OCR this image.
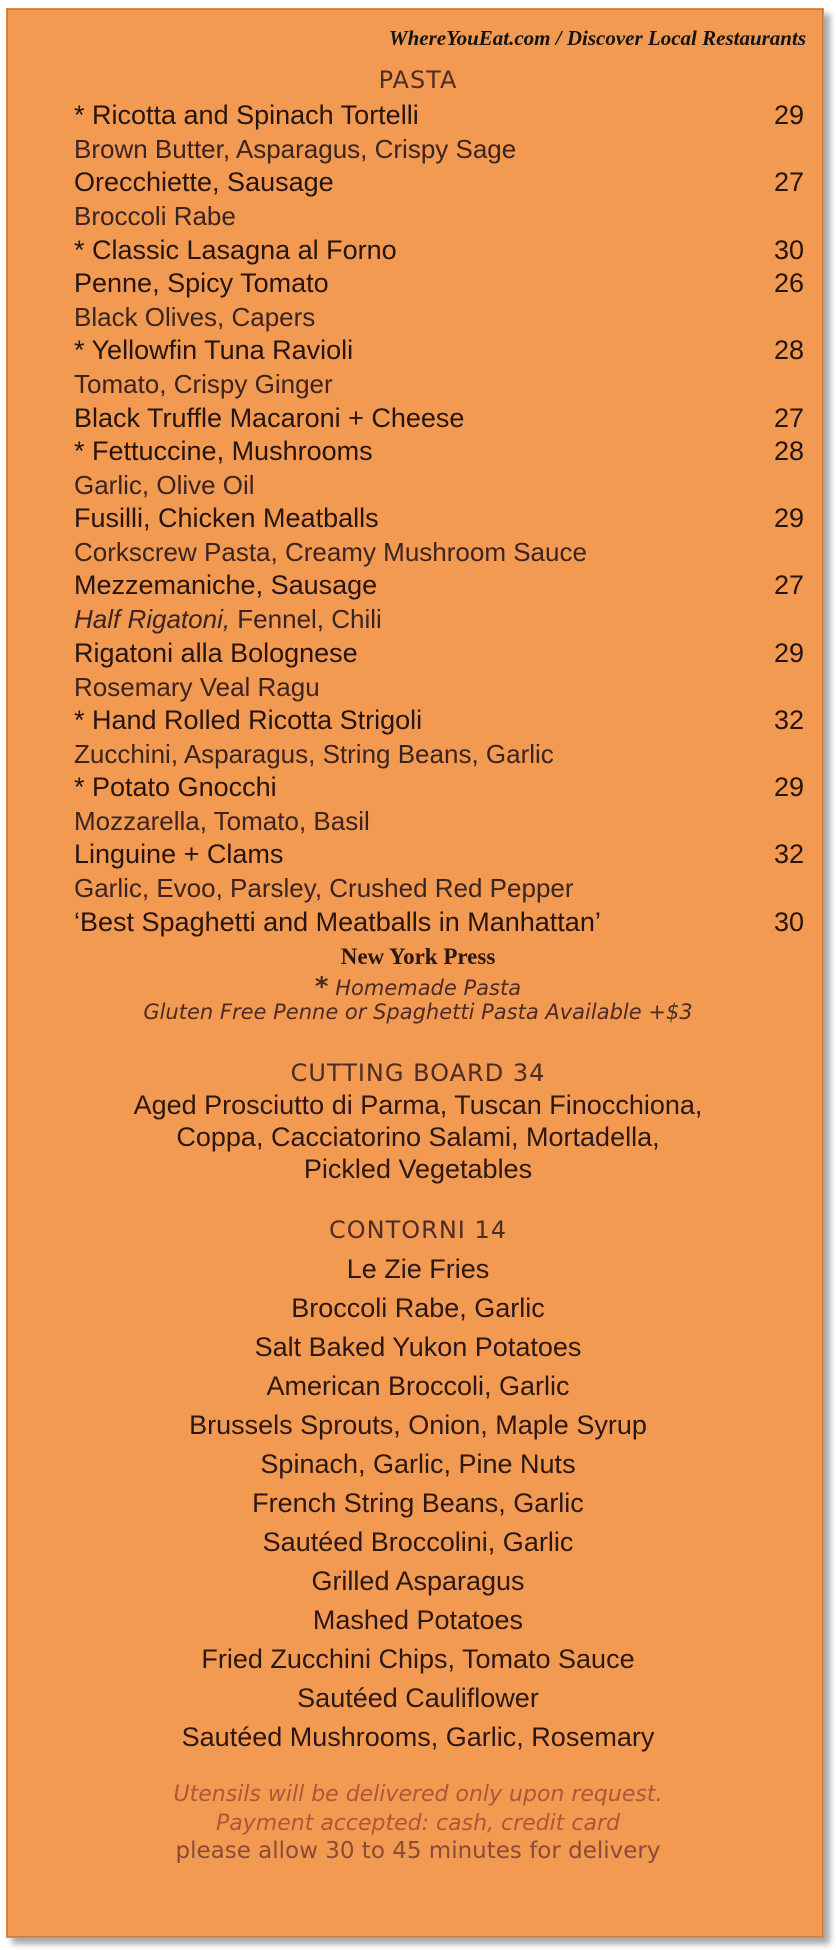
WhereYouEat.com / Discover Local Restaurants
PASTA
* Ricotta and Spinach Tortelli	29
Brown Butter, Asparagus, Crispy Sage
Orecchiette, Sausage	27
Broccoli Rabe
* Classic Lasagna al Forno	30
Penne, Spicy Tomato	26
Black Olives, Capers
* Yellowfin Tuna Ravioli	28
Tomato, Crispy Ginger
Black Truffle Macaroni + Cheese	27
* Fettuccine, Mushrooms	28
Garlic, Olive Oil
Fusilli, Chicken Meatballs	29
Corkscrew Pasta, Creamy Mushroom Sauce
Mezzemaniche, Sausage	27
Half Rigatoni, Fennel, Chili
Rigatoni alla Bolognese	29
Rosemary Veal Ragu
* Hand Rolled Ricotta Strigoli	32
Zucchini, Asparagus, String Beans, Garlic
* Potato Gnocchi	29
Mozzarella, Tomato, Basil
Linguine + Clams	32
Garlic, Evoo, Parsley, Crushed Red Pepper
‘Best Spaghetti and Meatballs in Manhattan’	30
New York Press
* Homemade Pasta
Gluten Free Penne or Spaghetti Pasta Available +$3
CUTTING BOARD 34
Aged Prosciutto di Parma, Tuscan Finocchiona,
Coppa, Cacciatorino Salami, Mortadella,
Pickled Vegetables
CONTORNI 14
Le Zie Fries
Broccoli Rabe, Garlic
Salt Baked Yukon Potatoes
American Broccoli, Garlic
Brussels Sprouts, Onion, Maple Syrup
Spinach, Garlic, Pine Nuts
French String Beans, Garlic
Sautéed Broccolini, Garlic
Grilled Asparagus
Mashed Potatoes
Fried Zucchini Chips, Tomato Sauce
Sautéed Cauliflower
Sautéed Mushrooms, Garlic, Rosemary
Utensils will be delivered only upon request.
Payment accepted: cash, credit card
please allow 30 to 45 minutes for delivery
